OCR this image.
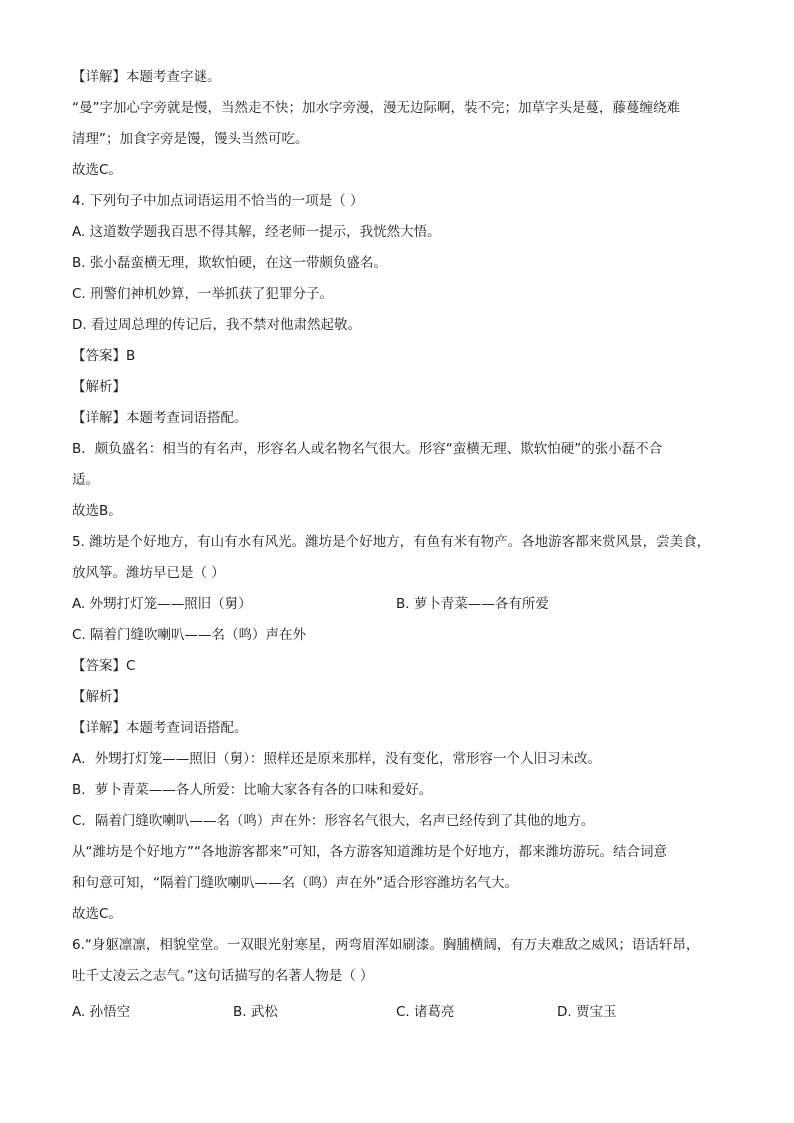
【详解】本题考查字谜。
“曼”字加心字旁就是慢，当然走不快；加水字旁漫，漫无边际啊，装不完；加草字头是蔓，藤蔓缠绕难
清理”；加食字旁是馒，馒头当然可吃。
故选C。
4. 下列句子中加点词语运用不恰当的一项是（ ）
A. 这道数学题我百思不得其解，经老师一提示，我恍然大悟。
B. 张小磊蛮横无理，欺软怕硬，在这一带颇负盛名。
C. 刑警们神机妙算，一举抓获了犯罪分子。
D. 看过周总理的传记后，我不禁对他肃然起敬。
【答案】B
【解析】
【详解】本题考查词语搭配。
B．颇负盛名：相当的有名声，形容名人或名物名气很大。形容“蛮横无理、欺软怕硬”的张小磊不合
适。
故选B。
5. 潍坊是个好地方，有山有水有风光。潍坊是个好地方，有鱼有米有物产。各地游客都来赏风景，尝美食，
放风筝。潍坊早已是（ ）
A. 外甥打灯笼——照旧（舅）	B. 萝卜青菜——各有所爱
C. 隔着门缝吹喇叭——名（鸣）声在外
【答案】C
【解析】
【详解】本题考查词语搭配。
A．外甥打灯笼——照旧（舅）：照样还是原来那样，没有变化，常形容一个人旧习未改。
B．萝卜青菜——各人所爱：比喻大家各有各的口味和爱好。
C．隔着门缝吹喇叭——名（鸣）声在外：形容名气很大，名声已经传到了其他的地方。
从“潍坊是个好地方”“各地游客都来”可知，各方游客知道潍坊是个好地方，都来潍坊游玩。结合词意
和句意可知，“隔着门缝吹喇叭——名（鸣）声在外”适合形容潍坊名气大。
故选C。
6.“身躯凛凛，相貌堂堂。一双眼光射寒星，两弯眉浑如刷漆。胸脯横阔，有万夫难敌之威风；语话轩昂，
吐千丈凌云之志气。”这句话描写的名著人物是（ ）
A. 孙悟空	B. 武松	C. 诸葛亮	D. 贾宝玉
